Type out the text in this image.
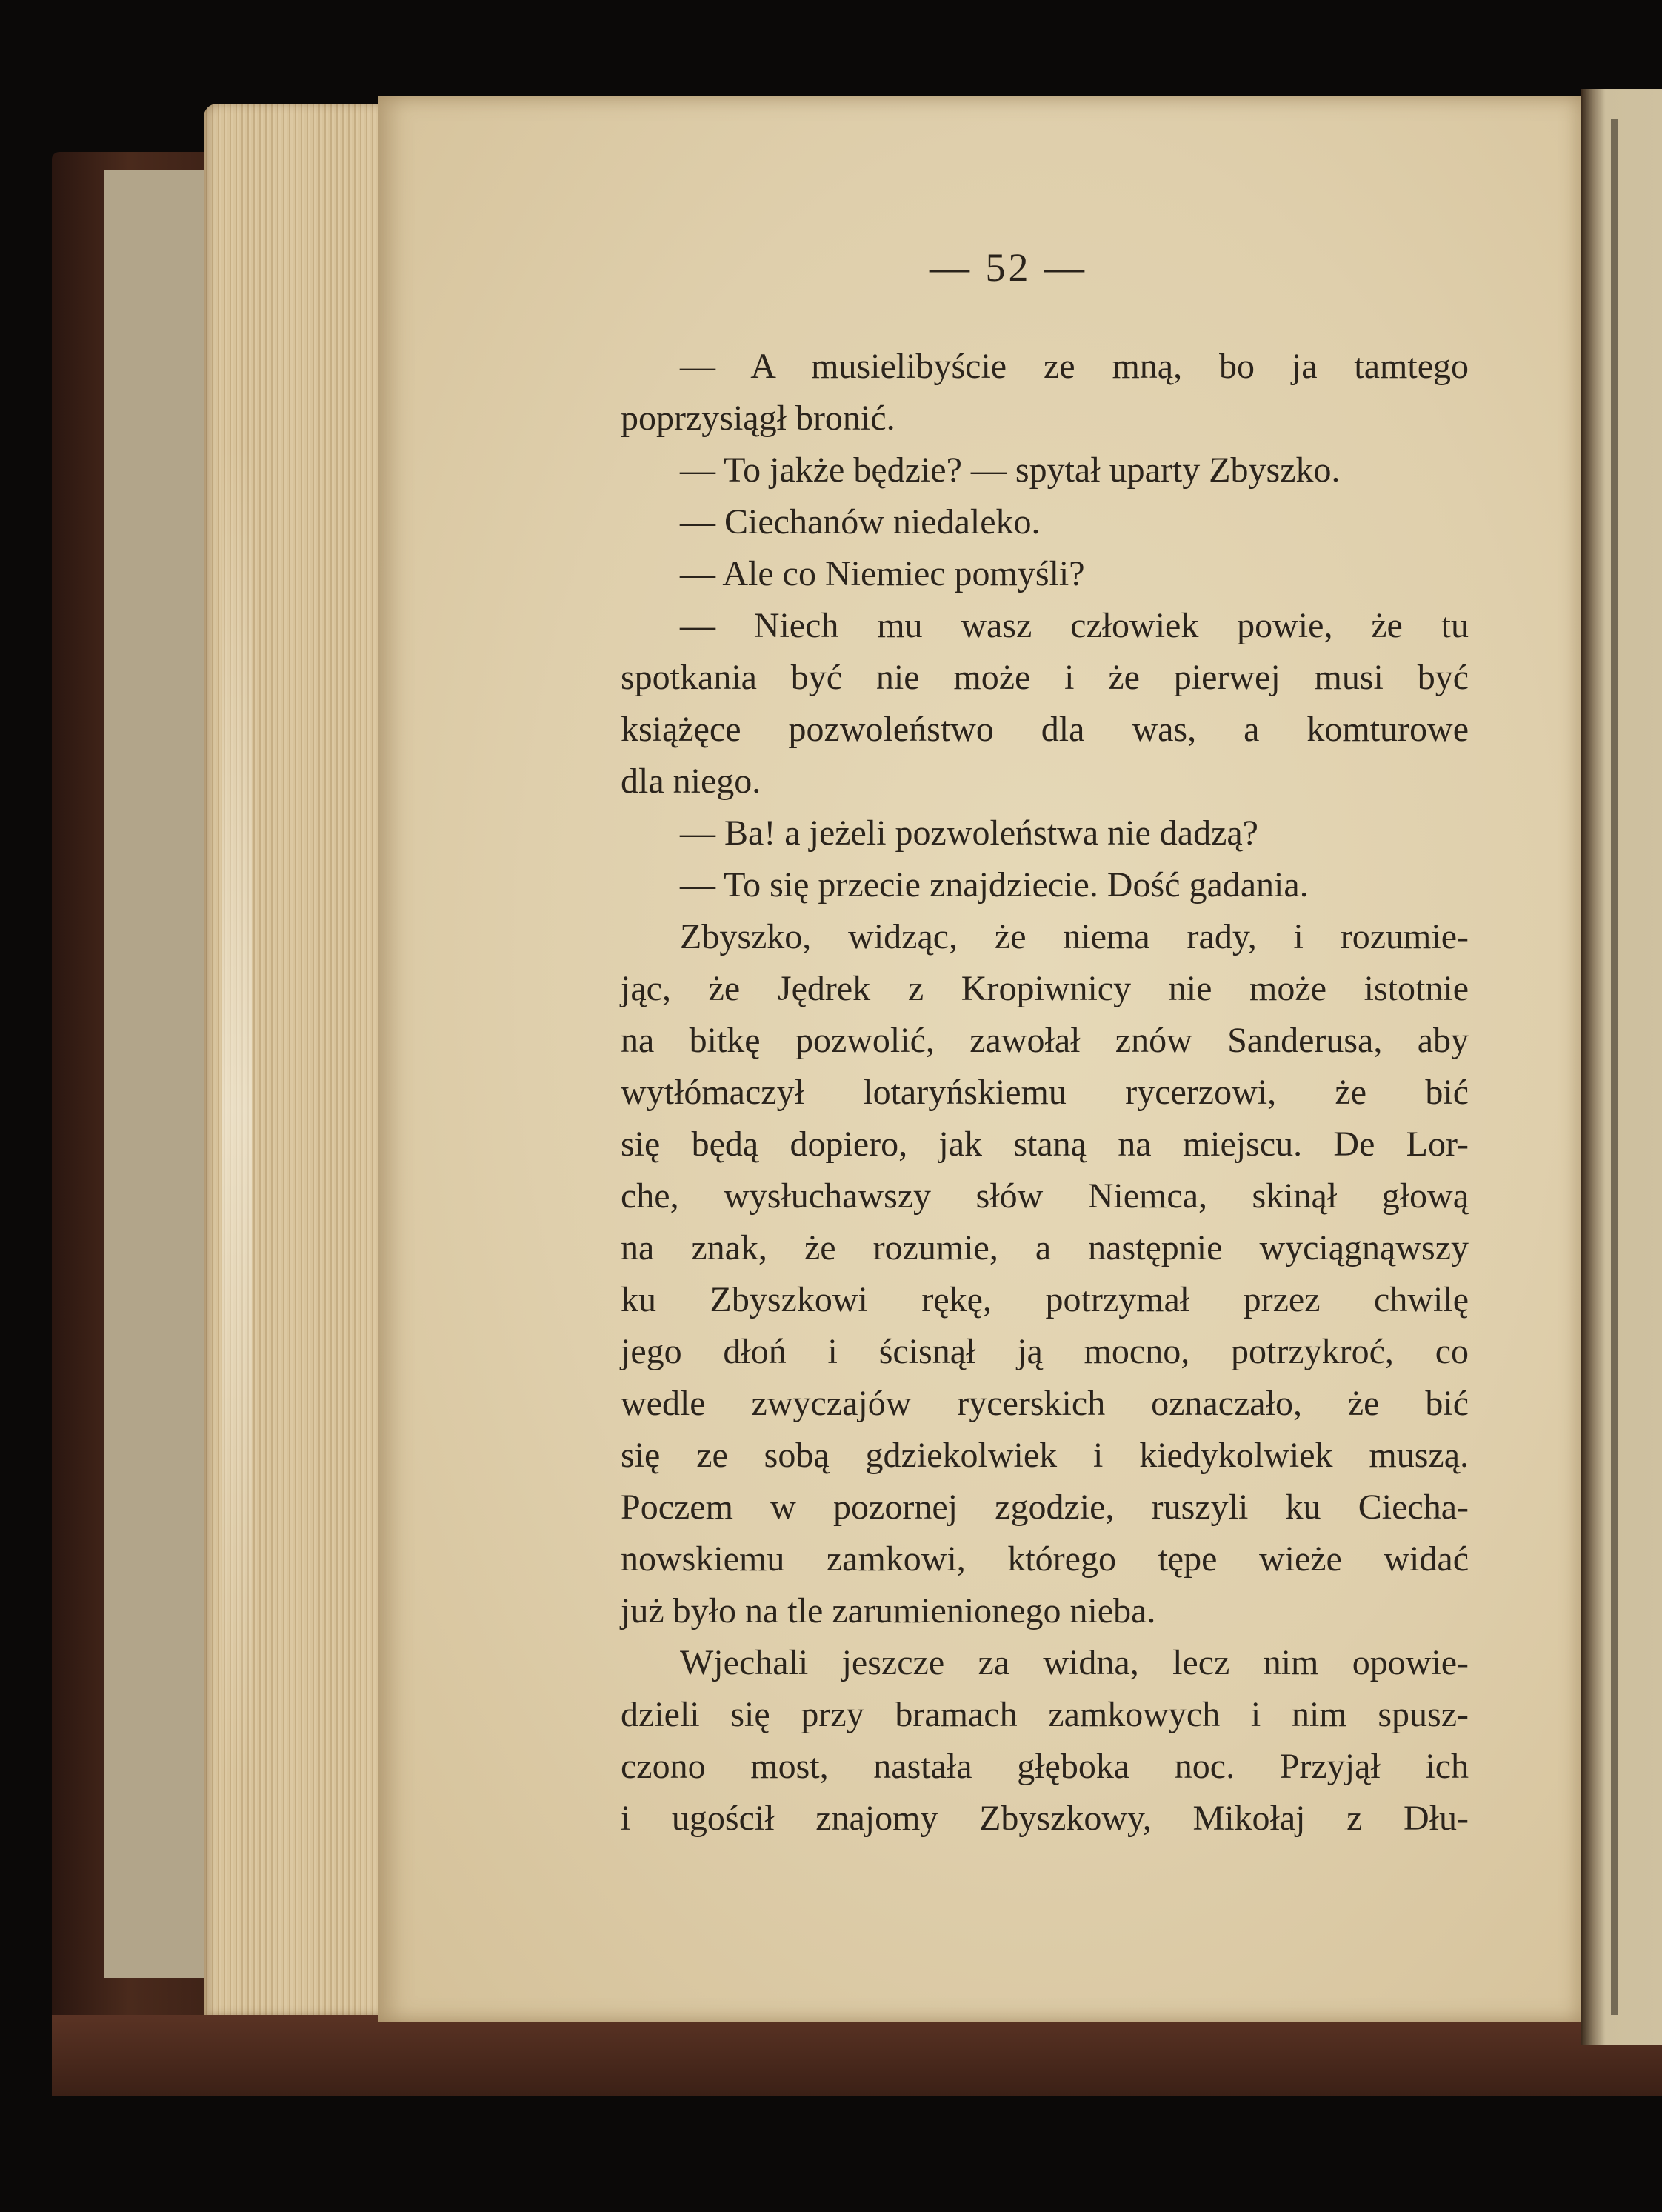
— 52 —
— A musielibyście ze mną, bo ja tamtego
poprzysiągł bronić.
— To jakże będzie? — spytał uparty Zbyszko.
— Ciechanów niedaleko.
— Ale co Niemiec pomyśli?
— Niech mu wasz człowiek powie, że tu
spotkania być nie może i że pierwej musi być
książęce pozwoleństwo dla was, a komturowe
dla niego.
— Ba! a jeżeli pozwoleństwa nie dadzą?
— To się przecie znajdziecie. Dość gadania.
Zbyszko, widząc, że niema rady, i rozumie-
jąc, że Jędrek z Kropiwnicy nie może istotnie
na bitkę pozwolić, zawołał znów Sanderusa, aby
wytłómaczył lotaryńskiemu rycerzowi, że bić
się będą dopiero, jak staną na miejscu. De Lor-
che, wysłuchawszy słów Niemca, skinął głową
na znak, że rozumie, a następnie wyciągnąwszy
ku Zbyszkowi rękę, potrzymał przez chwilę
jego dłoń i ścisnął ją mocno, potrzykroć, co
wedle zwyczajów rycerskich oznaczało, że bić
się ze sobą gdziekolwiek i kiedykolwiek muszą.
Poczem w pozornej zgodzie, ruszyli ku Ciecha-
nowskiemu zamkowi, którego tępe wieże widać
już było na tle zarumienionego nieba.
Wjechali jeszcze za widna, lecz nim opowie-
dzieli się przy bramach zamkowych i nim spusz-
czono most, nastała głęboka noc. Przyjął ich
i ugościł znajomy Zbyszkowy, Mikołaj z Dłu-
